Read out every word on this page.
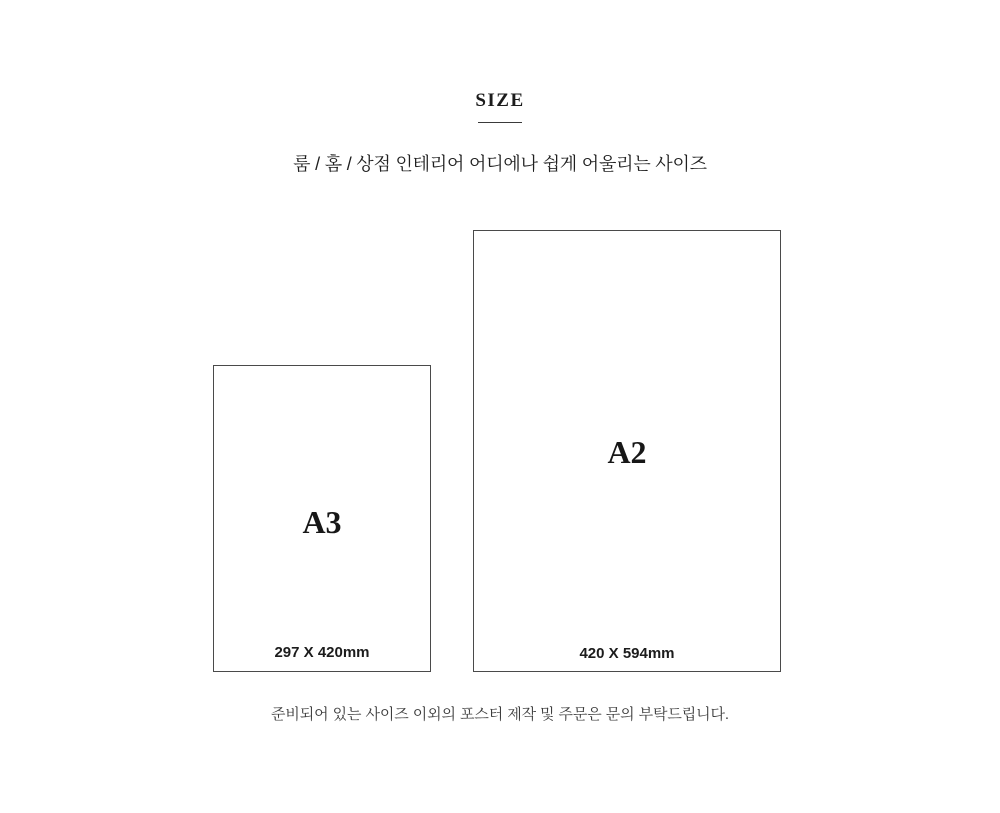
SIZE
룸 / 홈 / 상점 인테리어 어디에나 쉽게 어울리는 사이즈
A3
297 X 420mm
A2
420 X 594mm
준비되어 있는 사이즈 이외의 포스터 제작 및 주문은 문의 부탁드립니다.
